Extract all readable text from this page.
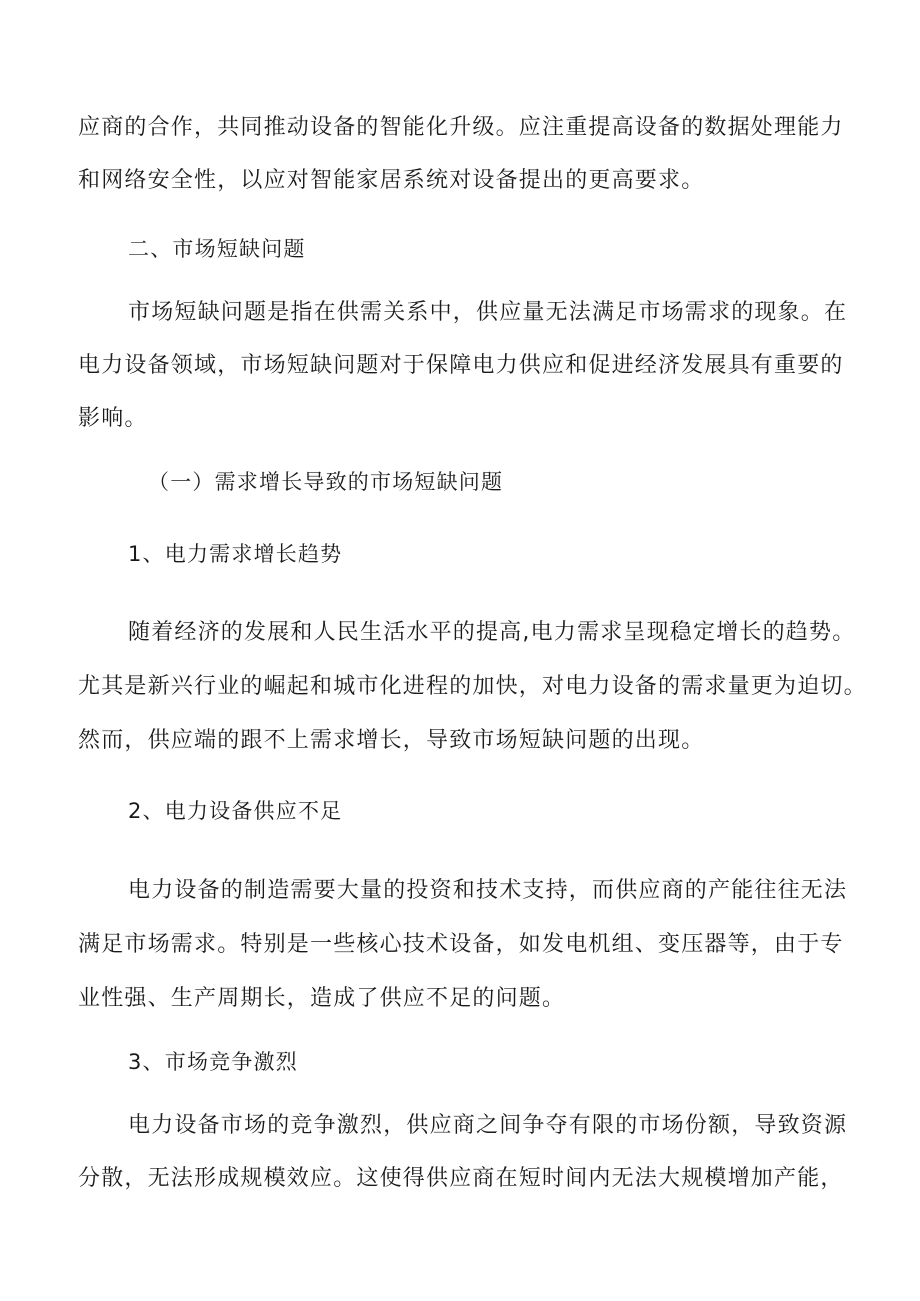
应商的合作，共同推动设备的智能化升级。应注重提高设备的数据处理能力
和网络安全性，以应对智能家居系统对设备提出的更高要求。
二、市场短缺问题
市场短缺问题是指在供需关系中，供应量无法满足市场需求的现象。在
电力设备领域，市场短缺问题对于保障电力供应和促进经济发展具有重要的
影响。
（一）需求增长导致的市场短缺问题
1、电力需求增长趋势
随着经济的发展和人民生活水平的提高,电力需求呈现稳定增长的趋势。
尤其是新兴行业的崛起和城市化进程的加快，对电力设备的需求量更为迫切。
然而，供应端的跟不上需求增长，导致市场短缺问题的出现。
2、电力设备供应不足
电力设备的制造需要大量的投资和技术支持，而供应商的产能往往无法
满足市场需求。特别是一些核心技术设备，如发电机组、变压器等，由于专
业性强、生产周期长，造成了供应不足的问题。
3、市场竞争激烈
电力设备市场的竞争激烈，供应商之间争夺有限的市场份额，导致资源
分散，无法形成规模效应。这使得供应商在短时间内无法大规模增加产能，
